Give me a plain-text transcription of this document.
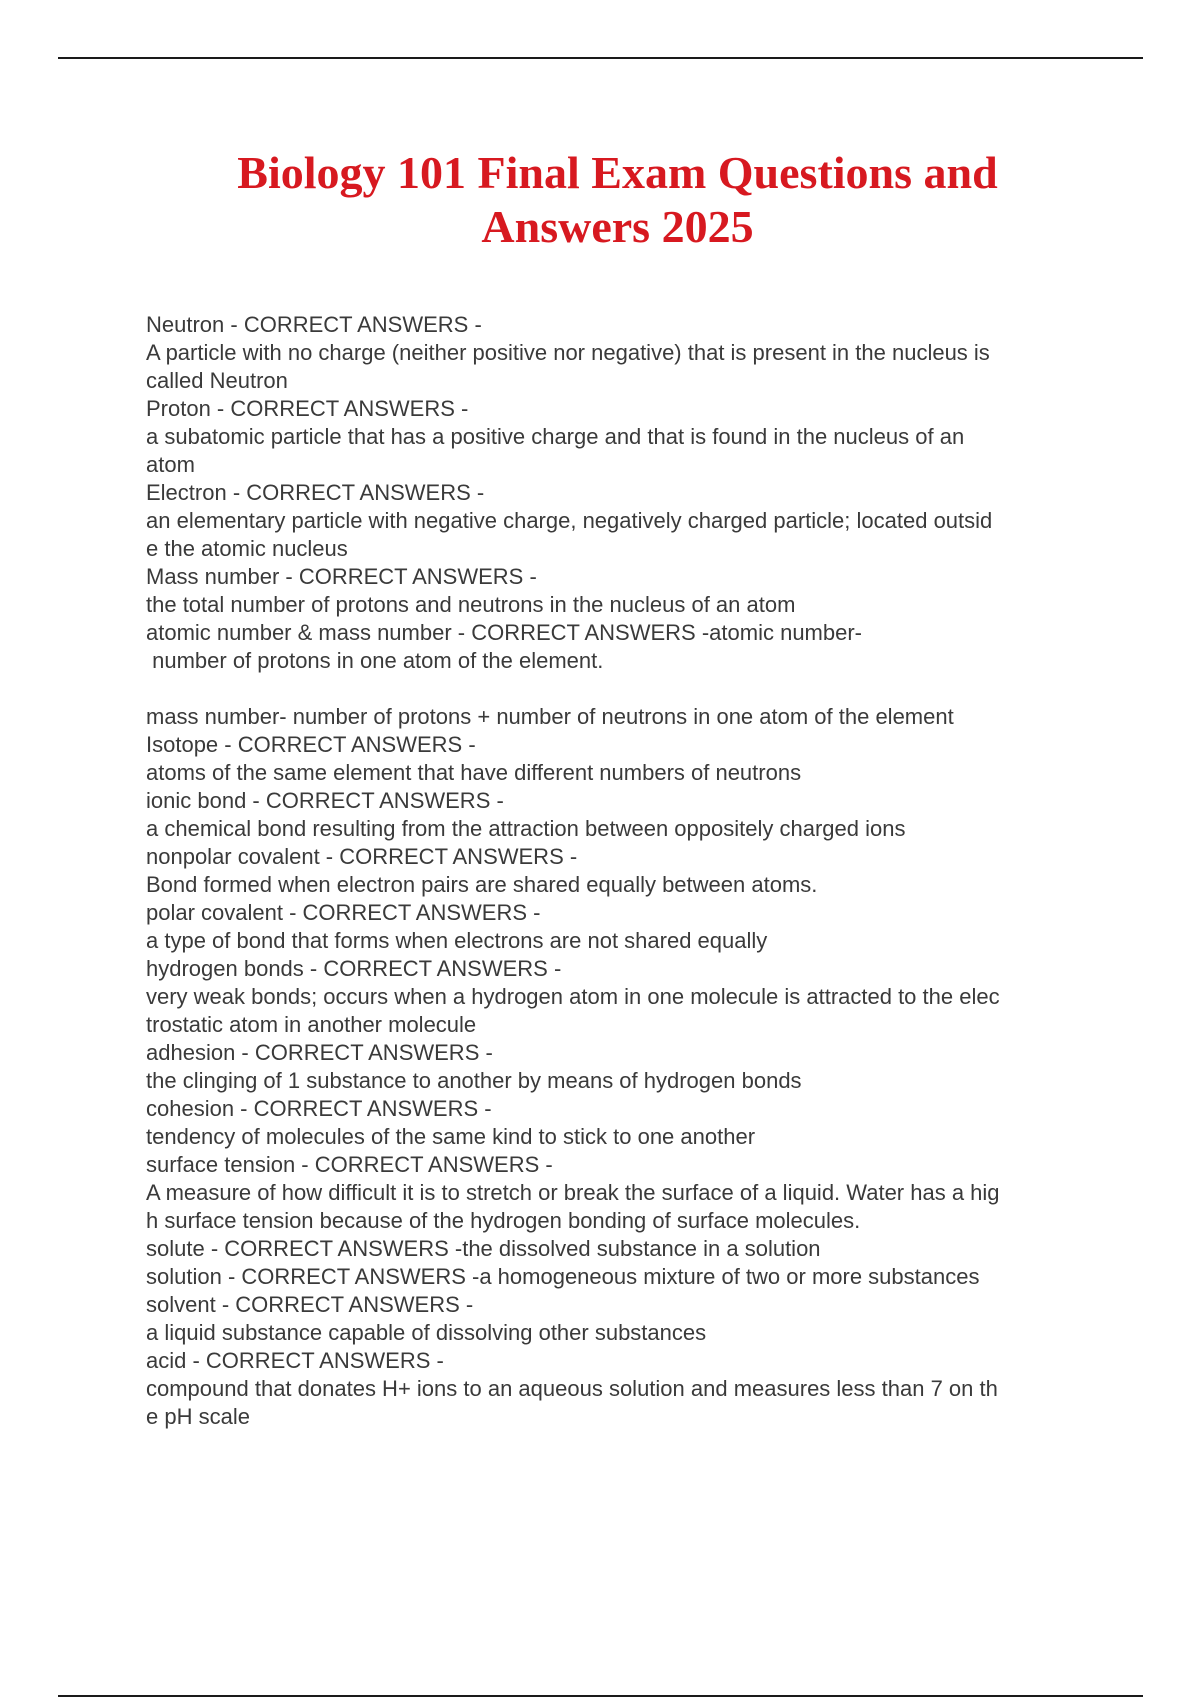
Biology 101 Final Exam Questions and Answers 2025
Neutron - CORRECT ANSWERS -
A particle with no charge (neither positive nor negative) that is present in the nucleus is
called Neutron
Proton - CORRECT ANSWERS -
a subatomic particle that has a positive charge and that is found in the nucleus of an
atom
Electron - CORRECT ANSWERS -
an elementary particle with negative charge, negatively charged particle; located outsid
e the atomic nucleus
Mass number - CORRECT ANSWERS -
the total number of protons and neutrons in the nucleus of an atom
atomic number & mass number - CORRECT ANSWERS -atomic number-
number of protons in one atom of the element.
mass number- number of protons + number of neutrons in one atom of the element
Isotope - CORRECT ANSWERS -
atoms of the same element that have different numbers of neutrons
ionic bond - CORRECT ANSWERS -
a chemical bond resulting from the attraction between oppositely charged ions
nonpolar covalent - CORRECT ANSWERS -
Bond formed when electron pairs are shared equally between atoms.
polar covalent - CORRECT ANSWERS -
a type of bond that forms when electrons are not shared equally
hydrogen bonds - CORRECT ANSWERS -
very weak bonds; occurs when a hydrogen atom in one molecule is attracted to the elec
trostatic atom in another molecule
adhesion - CORRECT ANSWERS -
the clinging of 1 substance to another by means of hydrogen bonds
cohesion - CORRECT ANSWERS -
tendency of molecules of the same kind to stick to one another
surface tension - CORRECT ANSWERS -
A measure of how difficult it is to stretch or break the surface of a liquid. Water has a hig
h surface tension because of the hydrogen bonding of surface molecules.
solute - CORRECT ANSWERS -the dissolved substance in a solution
solution - CORRECT ANSWERS -a homogeneous mixture of two or more substances
solvent - CORRECT ANSWERS -
a liquid substance capable of dissolving other substances
acid - CORRECT ANSWERS -
compound that donates H+ ions to an aqueous solution and measures less than 7 on th
e pH scale
